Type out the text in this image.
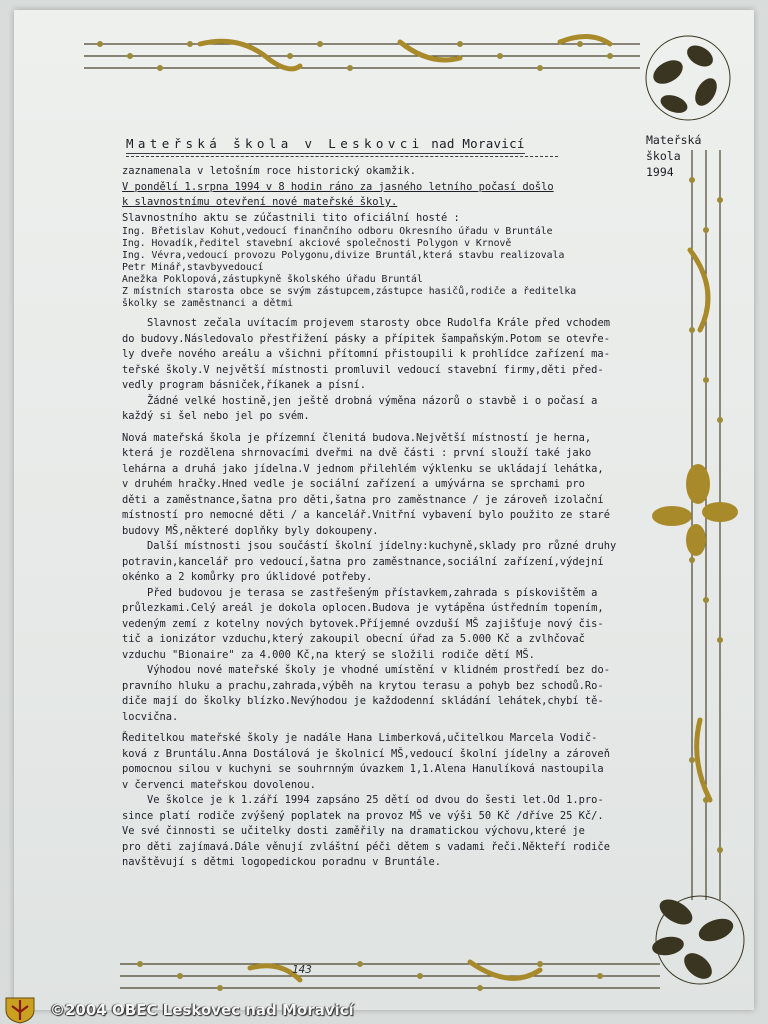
Mateřská škola v Leskovci nad Moravicí	Mateřská
škola
1994

zaznamenala v letošním roce historický okamžik.

V pondělí 1.srpna 1994 v 8 hodin ráno za jasného letního počasí došlo

k slavnostnímu otevření nové mateřské školy.

Slavnostního aktu se zúčastnili tito oficiální hosté :

Ing. Břetislav Kohut,vedoucí finančního odboru Okresního úřadu v Bruntále

Ing. Hovadík,ředitel stavební akciové společnosti Polygon v Krnově

Ing. Vévra,vedoucí provozu Polygonu,divize Bruntál,která stavbu realizovala

Petr Minář,stavbyvedoucí

Anežka Poklopová,zástupkyně školského úřadu Bruntál

Z místních starosta obce se svým zástupcem,zástupce hasičů,rodiče a ředitelka

školky se zaměstnanci a dětmi

Slavnost zečala uvítacím projevem starosty obce Rudolfa Krále před vchodem

do budovy.Následovalo přestřižení pásky a přípitek šampaňským.Potom se otevře-

ly dveře nového areálu a všichni přítomní přistoupili k prohlídce zařízení ma-

teřské školy.V největší místnosti promluvil vedoucí stavební firmy,děti před-

vedly program básniček,říkanek a písní.

Žádné velké hostině,jen ještě drobná výměna názorů o stavbě i o počasí a

každý si šel nebo jel po svém.

Nová mateřská škola je přízemní členitá budova.Největší místností je herna,

která je rozdělena shrnovacími dveřmi na dvě části : první slouží také jako

lehárna a druhá jako jídelna.V jednom přilehlém výklenku se ukládají lehátka,

v druhém hračky.Hned vedle je sociální zařízení a umývárna se sprchami pro

děti a zaměstnance,šatna pro děti,šatna pro zaměstnance / je zároveň izolační

místností pro nemocné děti / a kancelář.Vnitřní vybavení bylo použito ze staré

budovy MŠ,některé doplňky byly dokoupeny.

Další místnosti jsou součástí školní jídelny:kuchyně,sklady pro různé druhy

potravin,kancelář pro vedoucí,šatna pro zaměstnance,sociální zařízení,výdejní

okénko a 2 komůrky pro úklidové potřeby.

Před budovou je terasa se zastřešeným přístavkem,zahrada s pískovištěm a

průlezkami.Celý areál je dokola oplocen.Budova je vytápěna ústředním topením,

vedeným zemí z kotelny nových bytovek.Příjemné ovzduší MŠ zajišťuje nový čis-

tič a ionizátor vzduchu,který zakoupil obecní úřad za 5.000 Kč a zvlhčovač

vzduchu "Bionaire" za 4.000 Kč,na který se složili rodiče dětí MŠ.

Výhodou nové mateřské školy je vhodné umístění v klidném prostředí bez do-

pravního hluku a prachu,zahrada,výběh na krytou terasu a pohyb bez schodů.Ro-

diče mají do školky blízko.Nevýhodou je každodenní skládání lehátek,chybí tě-

locvična.

Ředitelkou mateřské školy je nadále Hana Limberková,učitelkou Marcela Vodič-

ková z Bruntálu.Anna Dostálová je školnicí MŠ,vedoucí školní jídelny a zároveň

pomocnou silou v kuchyni se souhrnným úvazkem 1,1.Alena Hanulíková nastoupila

v červenci mateřskou dovolenou.

Ve školce je k 1.září 1994 zapsáno 25 dětí od dvou do šesti let.Od 1.pro-

since platí rodiče zvýšený poplatek na provoz MŠ ve výši 50 Kč /dříve 25 Kč/.

Ve své činnosti se učitelky dosti zaměřily na dramatickou výchovu,které je

pro děti zajímavá.Dále věnují zvláštní péči dětem s vadami řeči.Někteří rodiče

navštěvují s dětmi logopedickou poradnu v Bruntále.

143
©2004 OBEC Leskovec nad Moravicí
